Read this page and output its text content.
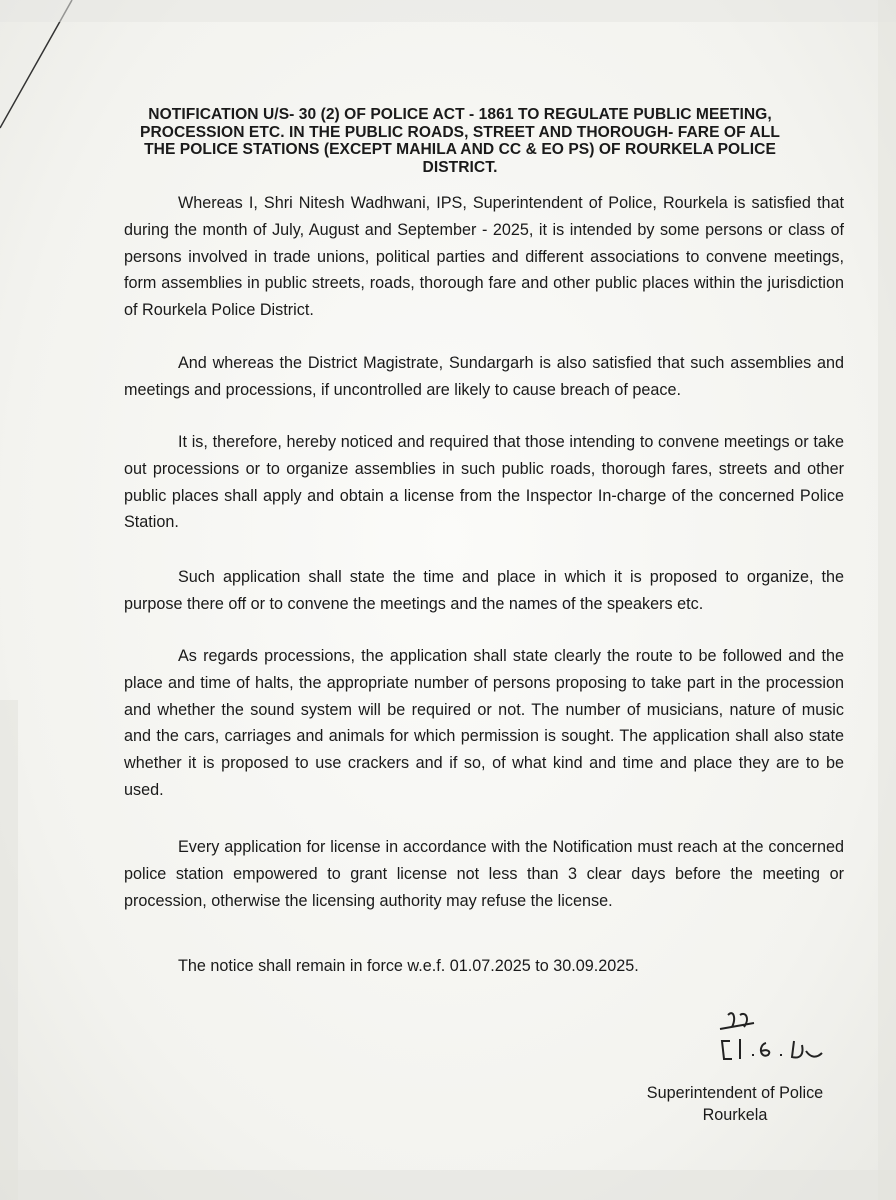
NOTIFICATION U/S- 30 (2) OF POLICE ACT - 1861 TO REGULATE PUBLIC MEETING, PROCESSION ETC. IN THE PUBLIC ROADS, STREET AND THOROUGH- FARE OF ALL THE POLICE STATIONS (EXCEPT MAHILA AND CC & EO PS) OF ROURKELA POLICE DISTRICT.

Whereas I, Shri Nitesh Wadhwani, IPS, Superintendent of Police, Rourkela is satisfied that during the month of July, August and September - 2025, it is intended by some persons or class of persons involved in trade unions, political parties and different associations to convene meetings, form assemblies in public streets, roads, thorough fare and other public places within the jurisdiction of Rourkela Police District.

And whereas the District Magistrate, Sundargarh is also satisfied that such assemblies and meetings and processions, if uncontrolled are likely to cause breach of peace.

It is, therefore, hereby noticed and required that those intending to convene meetings or take out processions or to organize assemblies in such public roads, thorough fares, streets and other public places shall apply and obtain a license from the Inspector In-charge of the concerned Police Station.

Such application shall state the time and place in which it is proposed to organize, the purpose there off or to convene the meetings and the names of the speakers etc.

As regards processions, the application shall state clearly the route to be followed and the place and time of halts, the appropriate number of persons proposing to take part in the procession and whether the sound system will be required or not. The number of musicians, nature of music and the cars, carriages and animals for which permission is sought. The application shall also state whether it is proposed to use crackers and if so, of what kind and time and place they are to be used.

Every application for license in accordance with the Notification must reach at the concerned police station empowered to grant license not less than 3 clear days before the meeting or procession, otherwise the licensing authority may refuse the license.

The notice shall remain in force w.e.f. 01.07.2025 to 30.09.2025.

Superintendent of Police
Rourkela
